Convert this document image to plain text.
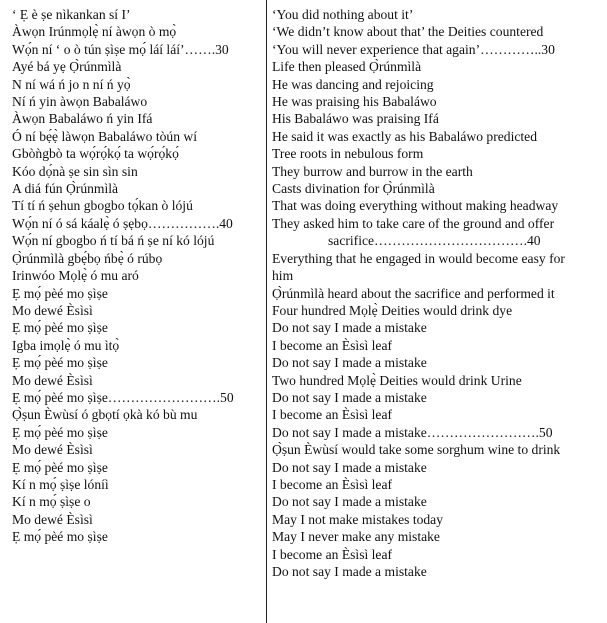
‘ Ẹ è ṣe nìkankan sí I’
Àwọn Irúnmọlẹ̀ ní àwọn ò mọ̀
Wọ́n ní ‘ o ò tún ṣìṣe mọ́ láí láí’…….30
Ayé bá yẹ Ọ̀rúnmìlà
N ní wá ń jo n ní ń yọ̀
Ní ń yin àwọn Babaláwo
Àwọn Babaláwo ń yin Ifá
Ó ní bẹ́ẹ̀ làwọn Babaláwo tòún wí
Gbòǹgbò ta wọ́rọ́kọ́ ta wọ́rọ́kọ́
Kóo dọ́nà ṣe sin sìn sin
A diá fún Ọ̀rúnmìlà
Tí tí ń ṣehun gbogbo tọ́kan ò lójú
Wọ́n ní ó sá káalẹ̀ ó ṣẹbọ…………….40
Wọ́n ní gbogbo ń tí bá ń ṣe ní kó lójú
Ọ̀rúnmìlà gbẹ́bọ ńbẹ̀ ó rúbọ
Irinwóo Mọlẹ̀ ó mu aró
Ẹ mọ́ pèé mo ṣìṣe
Mo dewé Èsìsì
Ẹ mọ́ pèé mo ṣìṣe
Igba imọlẹ̀ ó mu ìtọ̀
Ẹ mọ́ pèé mo ṣìṣe
Mo dewé Èsìsì
Ẹ mọ́ pèé mo ṣìṣe…………………….50
Ọ̀ṣun Èwùsí ó gbọtí ọkà kó bù mu
Ẹ mọ́ pèé mo ṣìṣe
Mo dewé Èsìsì
Ẹ mọ́ pèé mo ṣìṣe
Kí n mọ́ ṣìṣe lóníì
Kí n mọ́ ṣìṣe o
Mo dewé Èsìsì
Ẹ mọ́ pèé mo ṣìṣe
‘You did nothing about it’
‘We didn’t know about that’ the Deities countered
‘You will never experience that again’…………..30
Life then pleased Ọ̀rúnmìlà
He was dancing and rejoicing
He was praising his Babaláwo
His Babaláwo was praising Ifá
He said it was exactly as his Babaláwo predicted
Tree roots in nebulous form
They burrow and burrow in the earth
Casts divination for Ọ̀rúnmìlà
That was doing everything without making headway
They asked him to take care of the ground and offer
sacrifice…………………………….40
Everything that he engaged in would become easy for
him
Ọ̀rúnmìlà heard about the sacrifice and performed it
Four hundred Mọlẹ̀ Deities would drink dye
Do not say I made a mistake
I become an Èsìsì leaf
Do not say I made a mistake
Two hundred Mọlẹ̀ Deities would drink Urine
Do not say I made a mistake
I become an Èsìsì leaf
Do not say I made a mistake…………………….50
Ọ̀ṣun Èwùsí would take some sorghum wine to drink
Do not say I made a mistake
I become an Èsìsì leaf
Do not say I made a mistake
May I not make mistakes today
May I never make any mistake
I become an Èsìsì leaf
Do not say I made a mistake
